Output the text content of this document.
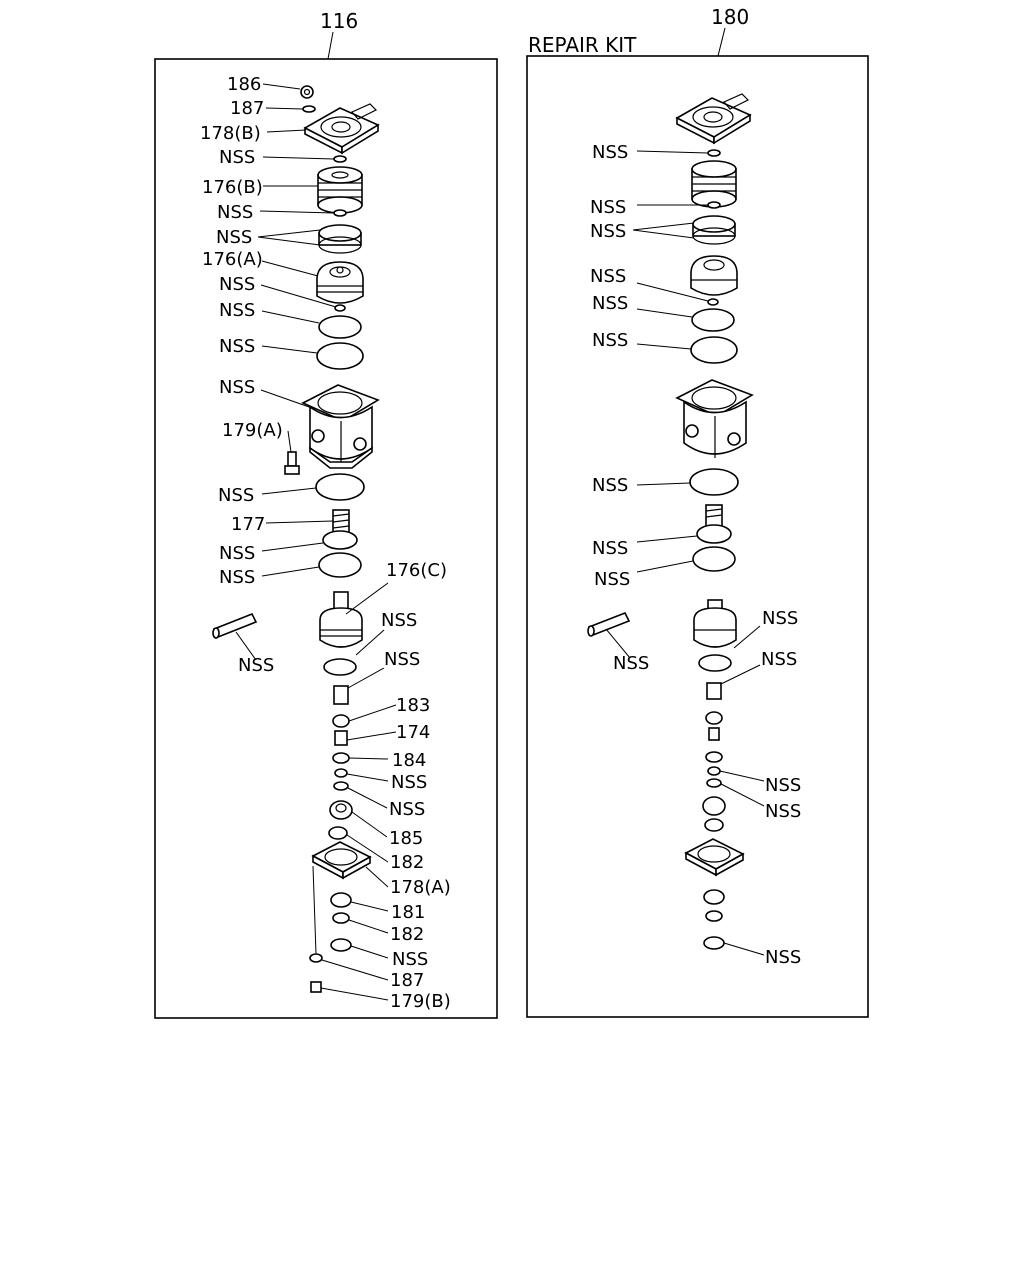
116
186
187
178(B)
NSS
176(B)
NSS
NSS
176(A)
NSS
NSS
NSS
NSS
179(A)
NSS
177
NSS
NSS	176(C)
NSS
NSS	NSS
183
174
184
NSS
NSS
185
182
178(A)
181
182
NSS
187
179(B)
180
REPAIR KIT
NSS
NSS
NSS
NSS
NSS
NSS
NSS
NSS
NSS
NSS
NSS	NSS
NSS
NSS
NSS
